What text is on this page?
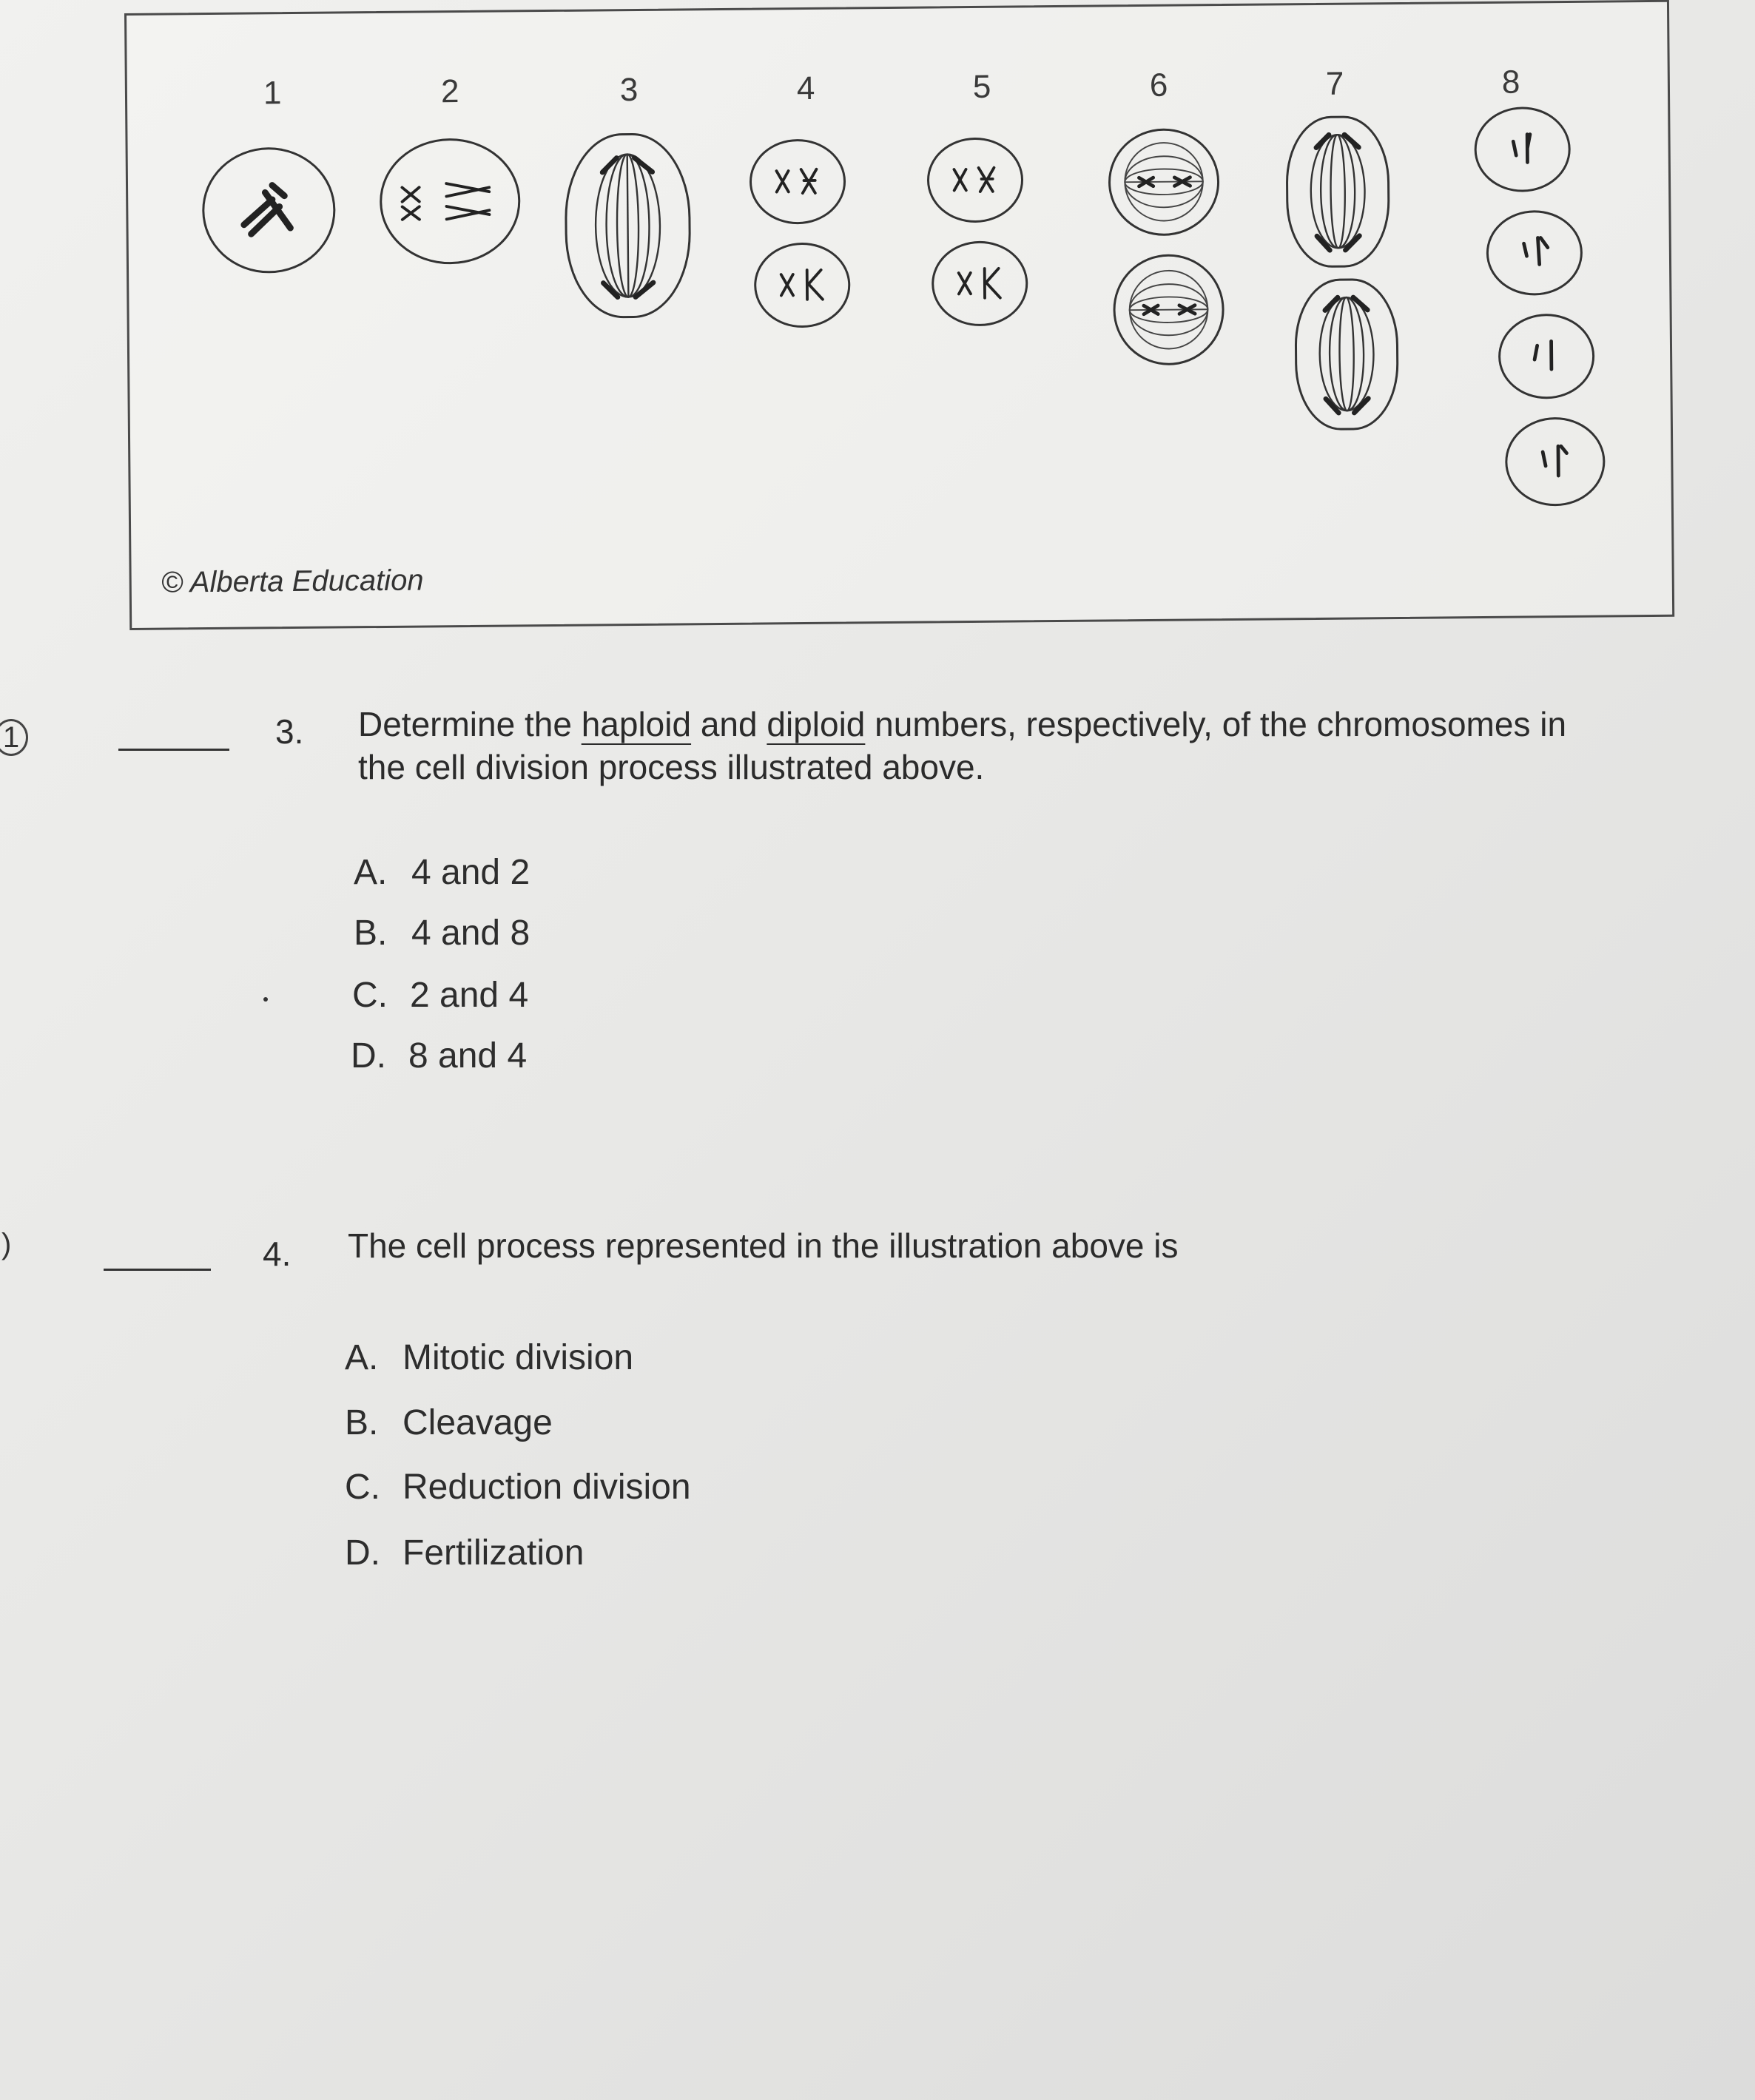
1	2	3	4	5	6	7	8
© Alberta Education
1	3. Determine the haploid and diploid numbers, respectively, of the chromosomes in
the cell division process illustrated above.
A. 4 and 2
B. 4 and 8
C. 2 and 4
D. 8 and 4
)	4. The cell process represented in the illustration above is
A. Mitotic division
B. Cleavage
C. Reduction division
D. Fertilization
